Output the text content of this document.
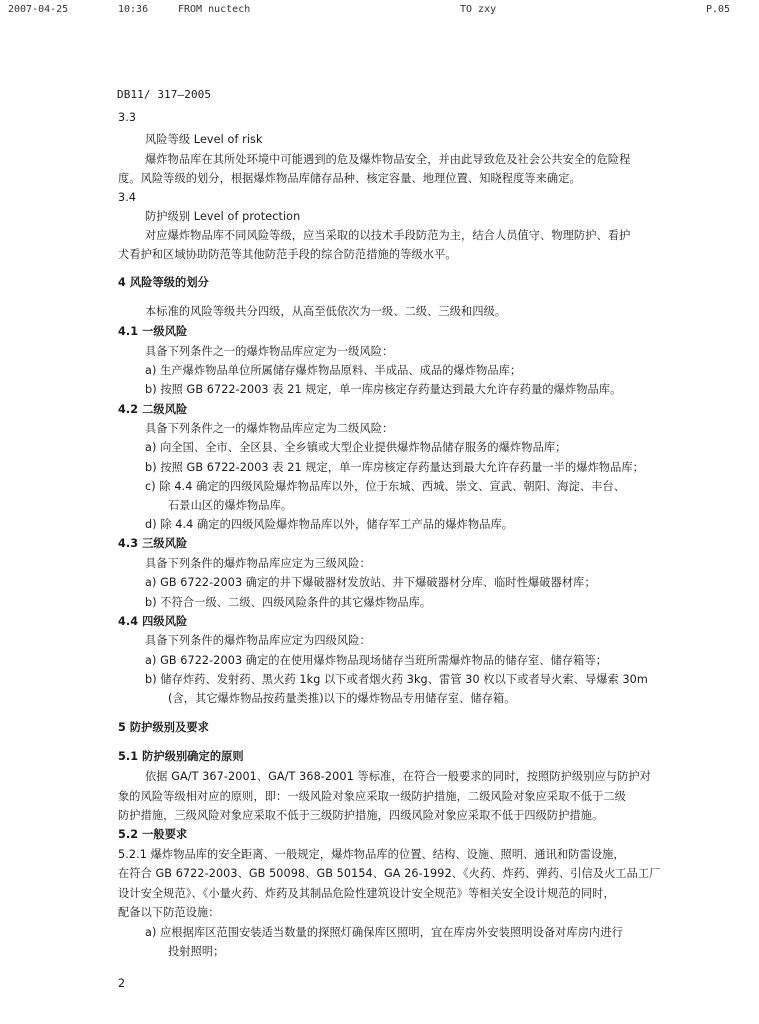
2007-04-25	10:36	FROM nuctech	TO zxy	P.05
DB11/ 317—2005
3.3
风险等级 Level of risk
爆炸物品库在其所处环境中可能遇到的危及爆炸物品安全，并由此导致危及社会公共安全的危险程
度。风险等级的划分，根据爆炸物品库储存品种、核定容量、地理位置、知晓程度等来确定。
3.4
防护级别 Level of protection
对应爆炸物品库不同风险等级，应当采取的以技术手段防范为主，结合人员值守、物理防护、看护
犬看护和区域协助防范等其他防范手段的综合防范措施的等级水平。
4 风险等级的划分
本标准的风险等级共分四级，从高至低依次为一级、二级、三级和四级。
4.1 一级风险
具备下列条件之一的爆炸物品库应定为一级风险：
a) 生产爆炸物品单位所属储存爆炸物品原料、半成品、成品的爆炸物品库；
b) 按照 GB 6722-2003 表 21 规定，单一库房核定存药量达到最大允许存药量的爆炸物品库。
4.2 二级风险
具备下列条件之一的爆炸物品库应定为二级风险：
a) 向全国、全市、全区县、全乡镇或大型企业提供爆炸物品储存服务的爆炸物品库；
b) 按照 GB 6722-2003 表 21 规定，单一库房核定存药量达到最大允许存药量一半的爆炸物品库；
c) 除 4.4 确定的四级风险爆炸物品库以外，位于东城、西城、崇文、宣武、朝阳、海淀、丰台、
石景山区的爆炸物品库。
d) 除 4.4 确定的四级风险爆炸物品库以外，储存军工产品的爆炸物品库。
4.3 三级风险
具备下列条件的爆炸物品库应定为三级风险：
a) GB 6722-2003 确定的井下爆破器材发放站、井下爆破器材分库、临时性爆破器材库；
b) 不符合一级、二级、四级风险条件的其它爆炸物品库。
4.4 四级风险
具备下列条件的爆炸物品库应定为四级风险：
a) GB 6722-2003 确定的在使用爆炸物品现场储存当班所需爆炸物品的储存室、储存箱等；
b) 储存炸药、发射药、黑火药 1kg 以下或者烟火药 3kg、雷管 30 枚以下或者导火索、导爆索 30m
(含，其它爆炸物品按药量类推)以下的爆炸物品专用储存室、储存箱。
5 防护级别及要求
5.1 防护级别确定的原则
依据 GA/T 367-2001、GA/T 368-2001 等标准，在符合一般要求的同时，按照防护级别应与防护对
象的风险等级相对应的原则，即：一级风险对象应采取一级防护措施，二级风险对象应采取不低于二级
防护措施，三级风险对象应采取不低于三级防护措施，四级风险对象应采取不低于四级防护措施。
5.2 一般要求
5.2.1 爆炸物品库的安全距离、一般规定，爆炸物品库的位置、结构、设施、照明、通讯和防雷设施，
在符合 GB 6722-2003、GB 50098、GB 50154、GA 26-1992、《火药、炸药、弹药、引信及火工品工厂
设计安全规范》、《小量火药、炸药及其制品危险性建筑设计安全规范》等相关安全设计规范的同时，
配备以下防范设施：
a) 应根据库区范围安装适当数量的探照灯确保库区照明，宜在库房外安装照明设备对库房内进行
投射照明；
2
